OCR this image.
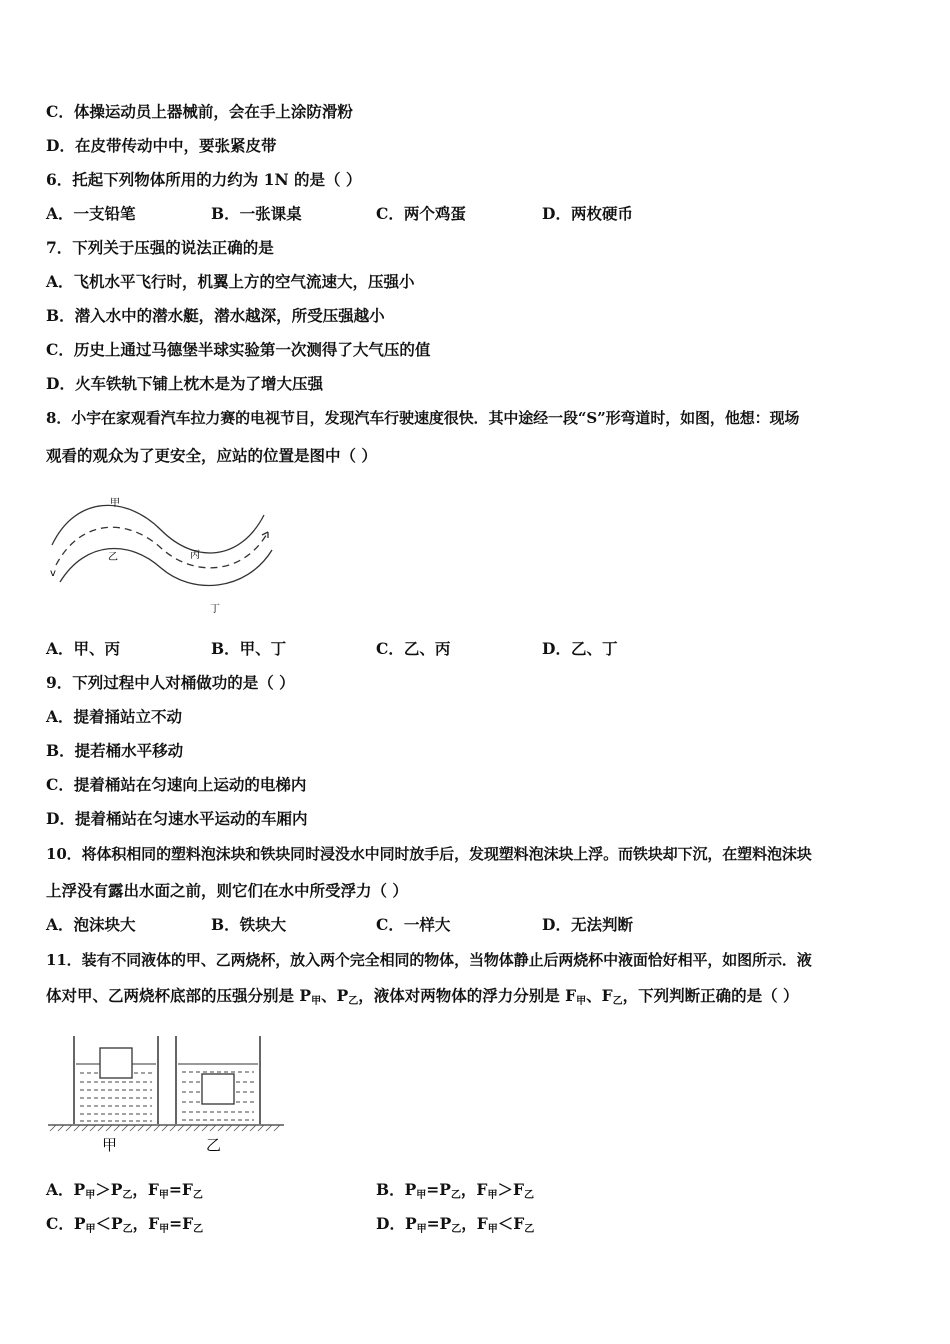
C．体操运动员上器械前，会在手上涂防滑粉
D．在皮带传动中中，要张紧皮带
6．托起下列物体所用的力约为 1N 的是（ ）
A．一支铅笔	B．一张课桌	C．两个鸡蛋	D．两枚硬币
7．下列关于压强的说法正确的是
A．飞机水平飞行时，机翼上方的空气流速大，压强小
B．潜入水中的潜水艇，潜水越深，所受压强越小
C．历史上通过马德堡半球实验第一次测得了大气压的值
D．火车铁轨下铺上枕木是为了增大压强
8．小宇在家观看汽车拉力赛的电视节目，发现汽车行驶速度很快．其中途经一段“S”形弯道时，如图，他想：现场
观看的观众为了更安全，应站的位置是图中（ ）
v
甲
乙	丙
丁
A．甲、丙	B．甲、丁	C．乙、丙	D．乙、丁
9．下列过程中人对桶做功的是（ ）
A．提着捅站立不动
B．提若桶水平移动
C．提着桶站在匀速向上运动的电梯内
D．提着桶站在匀速水平运动的车厢内
10．将体积相同的塑料泡沫块和铁块同时浸没水中同时放手后，发现塑料泡沫块上浮。而铁块却下沉，在塑料泡沫块
上浮没有露出水面之前，则它们在水中所受浮力（ ）
A．泡沫块大	B．铁块大	C．一样大	D．无法判断
11．装有不同液体的甲、乙两烧杯，放入两个完全相同的物体，当物体静止后两烧杯中液面恰好相平，如图所示．液
体对甲、乙两烧杯底部的压强分别是 P甲、P乙，液体对两物体的浮力分别是 F甲、F乙，下列判断正确的是（ ）
甲	乙
A．P甲＞P乙，F甲=F乙	B．P甲=P乙，F甲＞F乙
C．P甲＜P乙，F甲=F乙	D．P甲=P乙，F甲＜F乙
